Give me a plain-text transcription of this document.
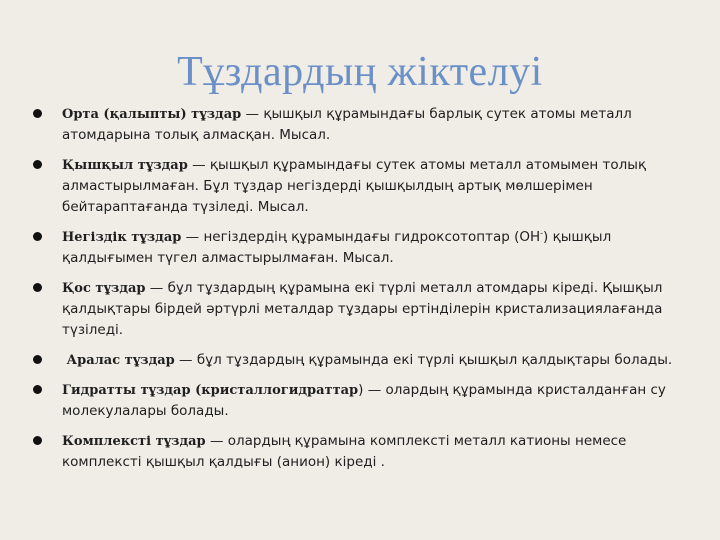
Тұздардың жіктелуі
Орта (қалыпты) тұздар — қышқыл құрамындағы барлық сутек атомы металл атомдарына толық алмасқан. Мысал.
Қышқыл тұздар — қышқыл құрамындағы сутек атомы металл атомымен толық алмастырылмаған. Бұл тұздар негіздерді қышқылдың артық мөлшерімен бейтараптағанда түзіледі. Мысал.
Негіздік тұздар — негіздердің құрамындағы гидроксотоптар (OH-) қышқыл қалдығымен түгел алмастырылмаған. Мысал.
Қос тұздар — бұл тұздардың құрамына екі түрлі металл атомдары кіреді. Қышқыл қалдықтары бірдей әртүрлі металдар тұздары ертінділерін кристализациялағанда түзіледі.
Аралас тұздар — бұл тұздардың құрамында екі түрлі қышқыл қалдықтары болады.
Гидратты тұздар (кристаллогидраттар) — олардың құрамында кристалданған су молекулалары болады.
Комплексті тұздар — олардың құрамына комплексті металл катионы немесе комплексті қышқыл қалдығы (анион) кіреді .
